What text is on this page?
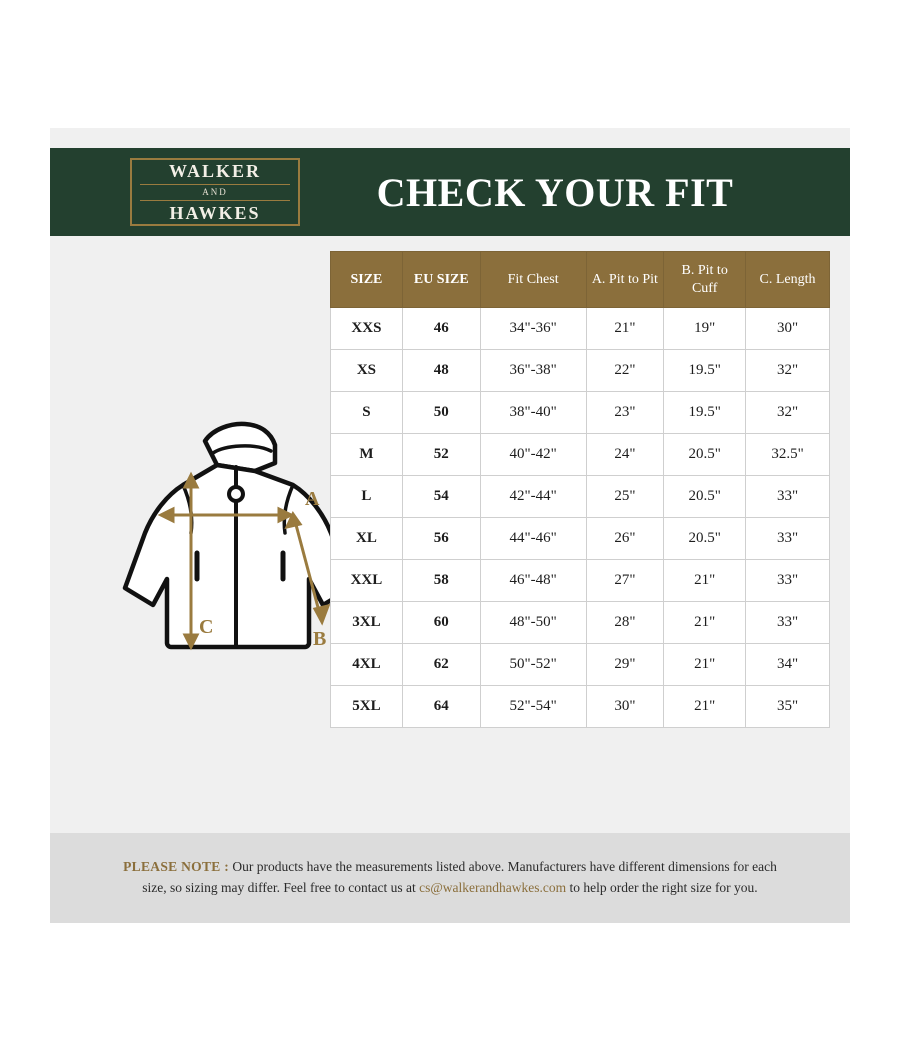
WALKER
AND
HAWKES	CHECK YOUR FIT
A
B
C
SIZE	EU SIZE	Fit Chest	A. Pit to Pit	B. Pit to Cuff	C. Length
XXS	46	34"-36"	21"	19"	30"
XS	48	36"-38"	22"	19.5"	32"
S	50	38"-40"	23"	19.5"	32"
M	52	40"-42"	24"	20.5"	32.5"
L	54	42"-44"	25"	20.5"	33"
XL	56	44"-46"	26"	20.5"	33"
XXL	58	46"-48"	27"	21"	33"
3XL	60	48"-50"	28"	21"	33"
4XL	62	50"-52"	29"	21"	34"
5XL	64	52"-54"	30"	21"	35"
PLEASE NOTE : Our products have the measurements listed above. Manufacturers have different dimensions for each size, so sizing may differ. Feel free to contact us at cs@walkerandhawkes.com to help order the right size for you.
